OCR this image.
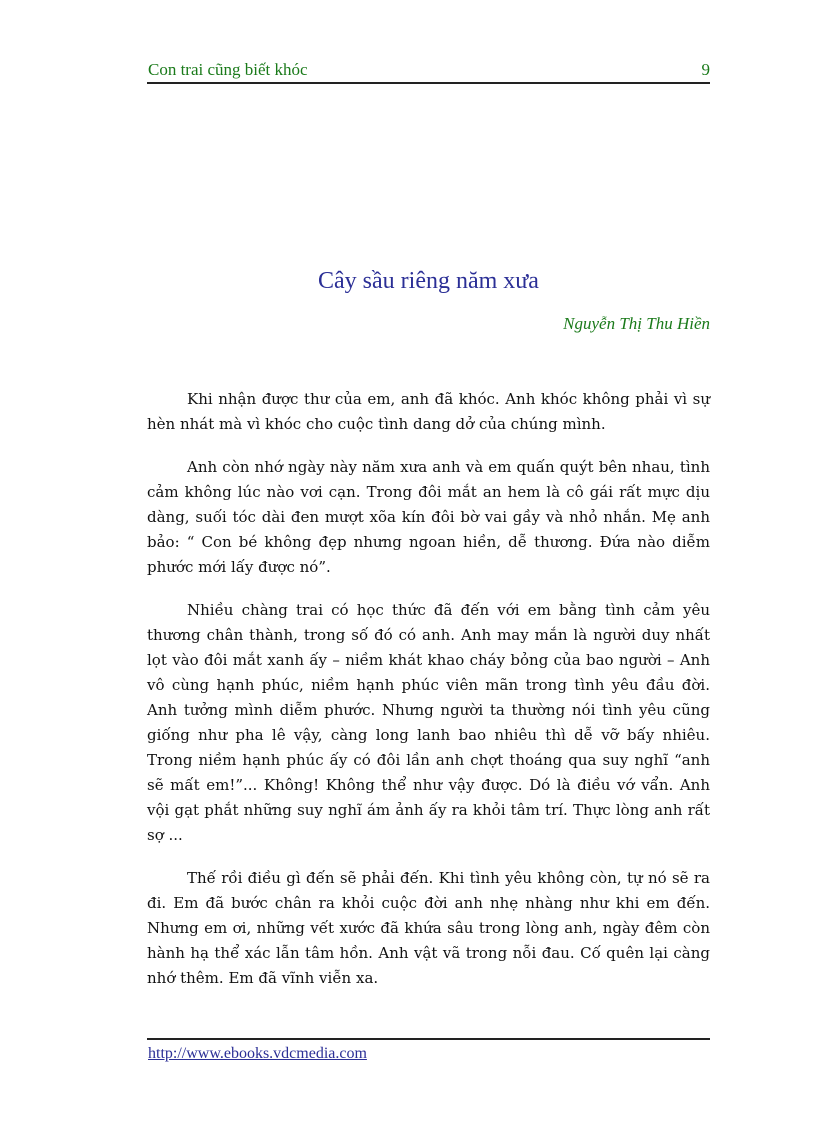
Con trai cũng biết khóc	9
Cây sầu riêng năm xưa
Nguyễn Thị Thu Hiền

Khi nhận được thư của em, anh đã khóc. Anh khóc không phải vì sự hèn nhát mà vì khóc cho cuộc tình dang dở của chúng mình.

Anh còn nhớ ngày này năm xưa anh và em quấn quýt bên nhau, tình cảm không lúc nào vơi cạn. Trong đôi mắt an hem là cô gái rất mực dịu dàng, suối tóc dài đen mượt xõa kín đôi bờ vai gầy và nhỏ nhắn. Mẹ anh bảo: “ Con bé không đẹp nhưng ngoan hiền, dễ thương. Đứa nào diễm phước mới lấy được nó”.

Nhiều chàng trai có học thức đã đến với em bằng tình cảm yêu thương chân thành, trong số đó có anh. Anh may mắn là người duy nhất lọt vào đôi mắt xanh ấy – niềm khát khao cháy bỏng của bao người – Anh vô cùng hạnh phúc, niềm hạnh phúc viên mãn trong tình yêu đầu đời. Anh tưởng mình diễm phước. Nhưng người ta thường nói tình yêu cũng giống như pha lê vậy, càng long lanh bao nhiêu thì dễ vỡ bấy nhiêu. Trong niềm hạnh phúc ấy có đôi lần anh chợt thoáng qua suy nghĩ “anh sẽ mất em!”... Không! Không thể như vậy được. Dó là điều vớ vẩn. Anh vội gạt phắt những suy nghĩ ám ảnh ấy ra khỏi tâm trí. Thực lòng anh rất sợ ...

Thế rồi điều gì đến sẽ phải đến. Khi tình yêu không còn, tự nó sẽ ra đi. Em đã bước chân ra khỏi cuộc đời anh nhẹ nhàng như khi em đến. Nhưng em ơi, những vết xước đã khứa sâu trong lòng anh, ngày đêm còn hành hạ thể xác lẫn tâm hồn. Anh vật vã trong nỗi đau. Cố quên lại càng nhớ thêm. Em đã vĩnh viễn xa.

http://www.ebooks.vdcmedia.com
